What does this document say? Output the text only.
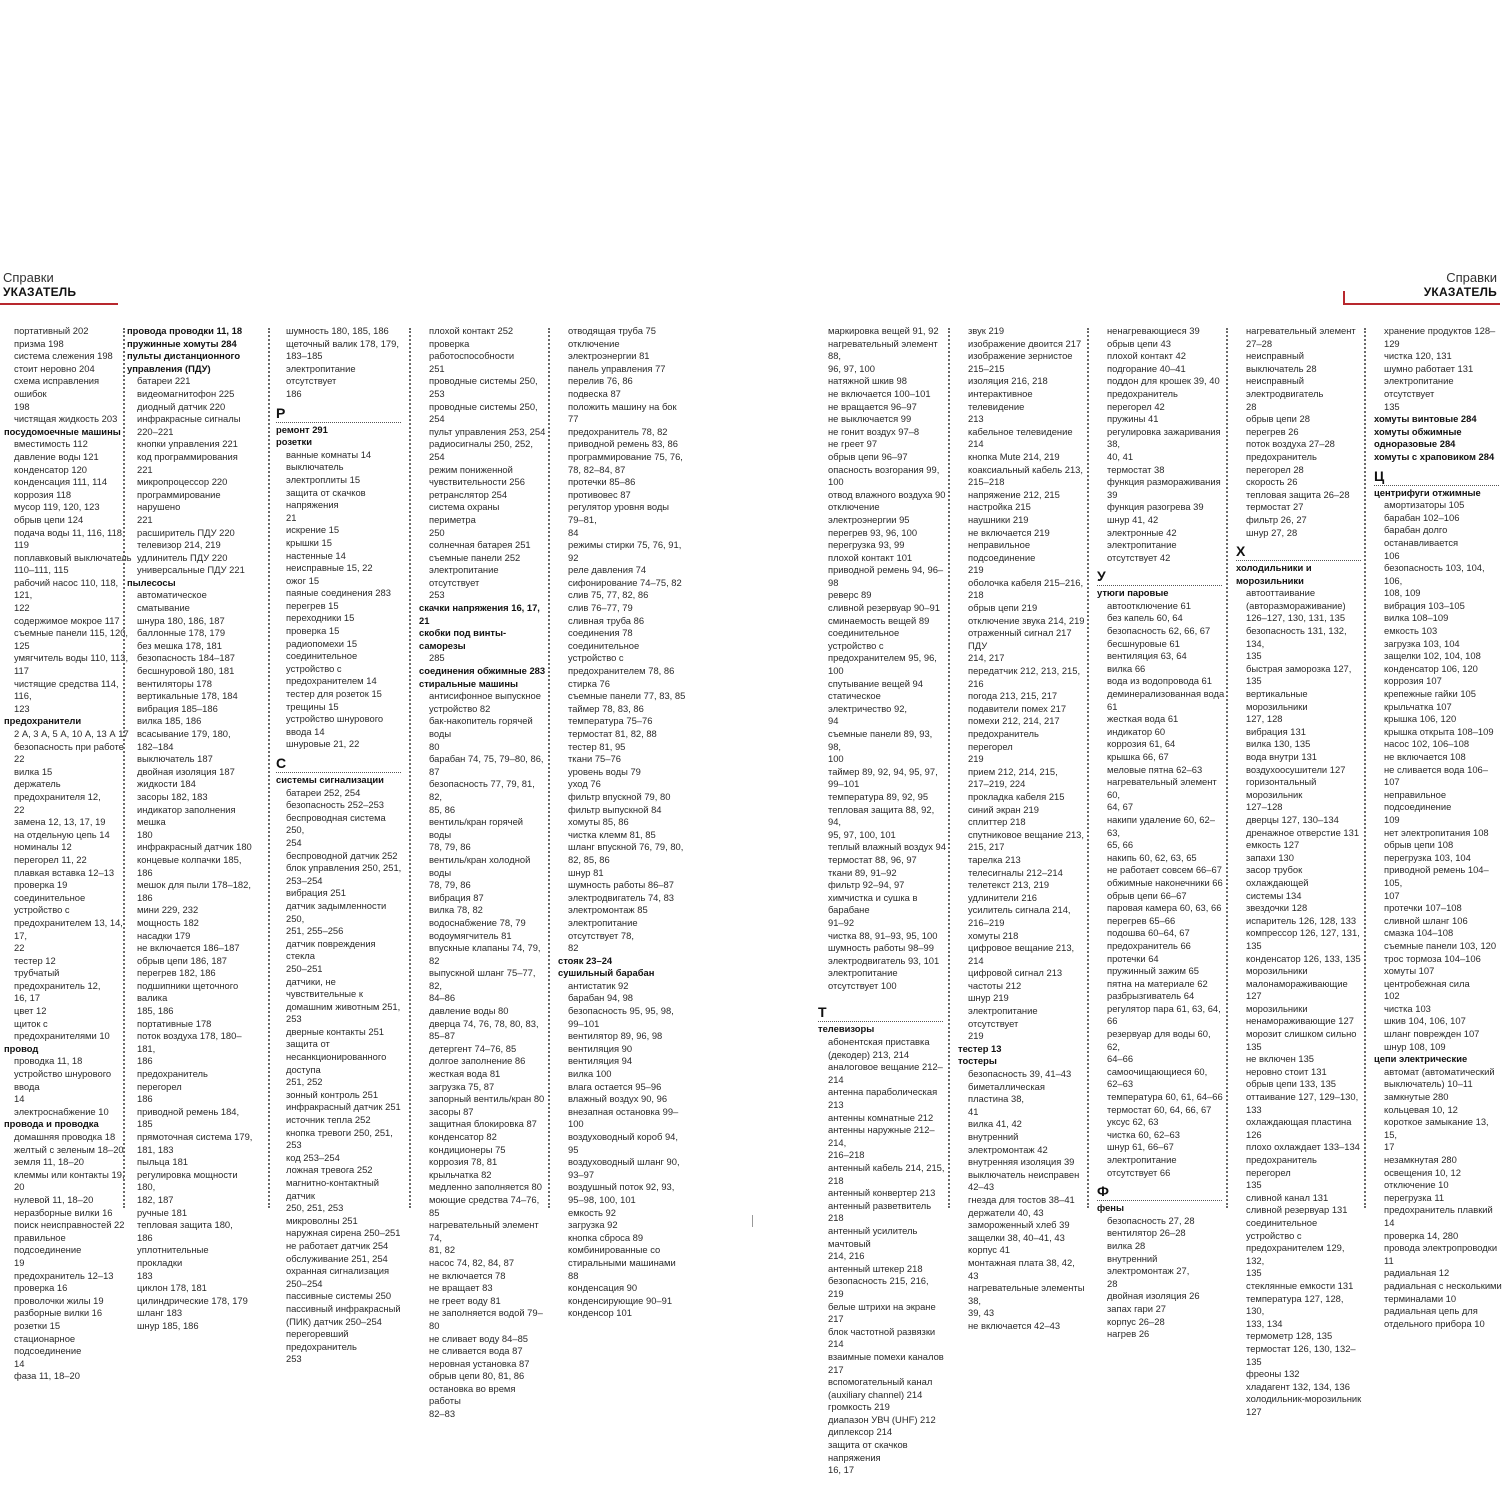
Справки
УКАЗАТЕЛЬ
Справки
УКАЗАТЕЛЬ

портативный 202

призма 198

система слежения 198

стоит неровно 204

схема исправления ошибок

198

чистящая жидкость 203

посудомоечные машины

вместимость 112

давление воды 121

конденсатор 120

конденсация 111, 114

коррозия 118

мусор 119, 120, 123

обрыв цепи 124

подача воды 11, 116, 118,

119

поплавковый выключатель

110–111, 115

рабочий насос 110, 118, 121,

122

содержимое мокрое 117

съемные панели 115, 120,

125

умягчитель воды 110, 113, 117

чистящие средства 114, 116,

123

предохранители

2 А, 3 А, 5 А, 10 А, 13 А 17

безопасность при работе 22

вилка 15

держатель предохранителя 12,

22

замена 12, 13, 17, 19

на отдельную цепь 14

номиналы 12

перегорел 11, 22

плавкая вставка 12–13

проверка 19

соединительное устройство с

предохранителем 13, 14, 17,

22

тестер 12

трубчатый предохранитель 12,

16, 17

цвет 12

щиток с предохранителями 10

провод

проводка 11, 18

устройство шнурового ввода

14

электроснабжение 10

провода и проводка

домашняя проводка 18

желтый с зеленым 18–20

земля 11, 18–20

клеммы или контакты 19, 20

нулевой 11, 18–20

неразборные вилки 16

поиск неисправностей 22

правильное подсоединение

19

предохранитель 12–13

проверка 16

проволочки жилы 19

разборные вилки 16

розетки 15

стационарное подсоединение

14

фаза 11, 18–20

провода проводки 11, 18

пружинные хомуты 284

пульты дистанционного

управления (ПДУ)

батареи 221

видеомагнитофон 225

диодный датчик 220

инфракрасные сигналы

220–221

кнопки управления 221

код программирования 221

микропроцессор 220

программирование нарушено

221

расширитель ПДУ 220

телевизор 214, 219

удлинитель ПДУ 220

универсальные ПДУ 221

пылесосы

автоматическое сматывание

шнура 180, 186, 187

баллонные 178, 179

без мешка 178, 181

безопасность 184–187

бесшнуровой 180, 181

вентиляторы 178

вертикальные 178, 184

вибрация 185–186

вилка 185, 186

всасывание 179, 180,

182–184

выключатель 187

двойная изоляция 187

жидкости 184

засоры 182, 183

индикатор заполнения мешка

180

инфракрасный датчик 180

концевые колпачки 185, 186

мешок для пыли 178–182,

186

мини 229, 232

мощность 182

насадки 179

не включается 186–187

обрыв цепи 186, 187

перегрев 182, 186

подшипники щеточного валика

185, 186

портативные 178

поток воздуха 178, 180–181,

186

предохранитель перегорел

186

приводной ремень 184, 185

прямоточная система 179,

181, 183

пыльца 181

регулировка мощности 180,

182, 187

ручные 181

тепловая защита 180,

186

уплотнительные прокладки

183

циклон 178, 181

цилиндрические 178, 179

шланг 183

шнур 185, 186

шумность 180, 185, 186

щеточный валик 178, 179,

183–185

электропитание отсутствует

186

Р

ремонт 291

розетки

ванные комнаты 14

выключатель электроплиты 15

защита от скачков напряжения

21

искрение 15

крышки 15

настенные 14

неисправные 15, 22

ожог 15

паяные соединения 283

перегрев 15

переходники 15

проверка 15

радиопомехи 15

соединительное устройство с

предохранителем 14

тестер для розеток 15

трещины 15

устройство шнурового ввода 14

шнуровые 21, 22

С

системы сигнализации

батареи 252, 254

безопасность 252–253

беспроводная система 250,

254

беспроводной датчик 252

блок управления 250, 251,

253–254

вибрация 251

датчик задымленности 250,

251, 255–256

датчик повреждения стекла

250–251

датчики, не чувствительные к

домашним животным 251,

253

дверные контакты 251

защита от

несанкционированного доступа

251, 252

зонный контроль 251

инфракрасный датчик 251

источник тепла 252

кнопка тревоги 250, 251, 253

код 253–254

ложная тревога 252

магнитно-контактный датчик

250, 251, 253

микроволны 251

наружная сирена 250–251

не работает датчик 254

обслуживание 251, 254

охранная сигнализация

250–254

пассивные системы 250

пассивный инфракрасный

(ПИК) датчик 250–254

перегоревший предохранитель

253

плохой контакт 252

проверка работоспособности

251

проводные системы 250, 253

проводные системы 250, 254

пульт управления 253, 254

радиосигналы 250, 252, 254

режим пониженной

чувствительности 256

ретранслятор 254

система охраны периметра

250

солнечная батарея 251

съемные панели 252

электропитание отсутствует

253

скачки напряжения 16, 17, 21

скобки под винты-саморезы

285

соединения обжимные 283

стиральные машины

антисифонное выпускное

устройство 82

бак-накопитель горячей воды

80

барабан 74, 75, 79–80, 86,

87

безопасность 77, 79, 81, 82,

85, 86

вентиль/кран горячей воды

78, 79, 86

вентиль/кран холодной воды

78, 79, 86

вибрация 87

вилка 78, 82

водоснабжение 78, 79

водоумягчитель 81

впускные клапаны 74, 79, 82

выпускной шланг 75–77, 82,

84–86

давление воды 80

дверца 74, 76, 78, 80, 83,

85–87

детергент 74–76, 85

долгое заполнение 86

жесткая вода 81

загрузка 75, 87

запорный вентиль/кран 80

засоры 87

защитная блокировка 87

конденсатор 82

кондиционеры 75

коррозия 78, 81

крыльчатка 82

медленно заполняется 80

моющие средства 74–76, 85

нагревательный элемент 74,

81, 82

насос 74, 82, 84, 87

не включается 78

не вращает 83

не греет воду 81

не заполняется водой 79–80

не сливает воду 84–85

не сливается вода 87

неровная установка 87

обрыв цепи 80, 81, 86

остановка во время работы

82–83

отводящая труба 75

отключение электроэнергии 81

панель управления 77

перелив 76, 86

подвеска 87

положить машину на бок 77

предохранитель 78, 82

приводной ремень 83, 86

программирование 75, 76,

78, 82–84, 87

протечки 85–86

противовес 87

регулятор уровня воды 79–81,

84

режимы стирки 75, 76, 91, 92

реле давления 74

сифонирование 74–75, 82

слив 75, 77, 82, 86

слив 76–77, 79

сливная труба 86

соединения 78

соединительное устройство с

предохранителем 78, 86

стирка 76

съемные панели 77, 83, 85

таймер 78, 83, 86

температура 75–76

термостат 81, 82, 88

тестер 81, 95

ткани 75–76

уровень воды 79

уход 76

фильтр впускной 79, 80

фильтр выпускной 84

хомуты 85, 86

чистка клемм 81, 85

шланг впускной 76, 79, 80,

82, 85, 86

шнур 81

шумность работы 86–87

электродвигатель 74, 83

электромонтаж 85

электропитание отсутствует 78,

82

стояк 23–24

сушильный барабан

антистатик 92

барабан 94, 98

безопасность 95, 95, 98,

99–101

вентилятор 89, 96, 98

вентиляция 90

вентиляция 94

вилка 100

влага остается 95–96

влажный воздух 90, 96

внезапная остановка 99–100

воздуховодный короб 94, 95

воздуховодный шланг 90,

93–97

воздушный поток 92, 93,

95–98, 100, 101

емкость 92

загрузка 92

кнопка сброса 89

комбинированные со

стиральными машинами 88

конденсация 90

конденсирующие 90–91

конденсор 101

маркировка вещей 91, 92

нагревательный элемент 88,

96, 97, 100

натяжной шкив 98

не включается 100–101

не вращается 96–97

не выключается 99

не гонит воздух 97–8

не греет 97

обрыв цепи 96–97

опасность возгорания 99, 100

отвод влажного воздуха 90

отключение электроэнергии 95

перегрев 93, 96, 100

перегрузка 93, 99

плохой контакт 101

приводной ремень 94, 96–98

реверс 89

сливной резервуар 90–91

сминаемость вещей 89

соединительное устройство с

предохранителем 95, 96, 100

спутывание вещей 94

статическое электричество 92,

94

съемные панели 89, 93, 98,

100

таймер 89, 92, 94, 95, 97,

99–101

температура 89, 92, 95

тепловая защита 88, 92, 94,

95, 97, 100, 101

теплый влажный воздух 94

термостат 88, 96, 97

ткани 89, 91–92

фильтр 92–94, 97

химчистка и сушка в барабане

91–92

чистка 88, 91–93, 95, 100

шумность работы 98–99

электродвигатель 93, 101

электропитание отсутствует 100

Т

телевизоры

абонентская приставка

(декодер) 213, 214

аналоговое вещание 212–214

антенна параболическая 213

антенны комнатные 212

антенны наружные 212–214,

216–218

антенный кабель 214, 215,

218

антенный конвертер 213

антенный разветвитель 218

антенный усилитель мачтовый

214, 216

антенный штекер 218

безопасность 215, 216, 219

белые штрихи на экране 217

блок частотной развязки 214

взаимные помехи каналов 217

вспомогательный канал

(auxiliary channel) 214

громкость 219

диапазон УВЧ (UHF) 212

диплексор 214

защита от скачков напряжения

16, 17

звук 219

изображение двоится 217

изображение зернистое

215–215

изоляция 216, 218

интерактивное телевидение

213

кабельное телевидение 214

кнопка Mute 214, 219

коаксиальный кабель 213,

215–218

напряжение 212, 215

настройка 215

наушники 219

не включается 219

неправильное подсоединение

219

оболочка кабеля 215–216,

218

обрыв цепи 219

отключение звука 214, 219

отраженный сигнал 217 ПДУ

214, 217

передатчик 212, 213, 215,

216

погода 213, 215, 217

подавители помех 217

помехи 212, 214, 217

предохранитель перегорел

219

прием 212, 214, 215,

217–219, 224

прокладка кабеля 215

синий экран 219

сплиттер 218

спутниковое вещание 213,

215, 217

тарелка 213

телесигналы 212–214

телетекст 213, 219

удлинители 216

усилитель сигнала 214,

216–219

хомуты 218

цифровое вещание 213,

214

цифровой сигнал 213

частоты 212

шнур 219

электропитание отсутствует

219

тестер 13

тостеры

безопасность 39, 41–43

биметаллическая пластина 38,

41

вилка 41, 42

внутренний электромонтаж 42

внутренняя изоляция 39

выключатель неисправен

42–43

гнезда для тостов 38–41

держатели 40, 43

замороженный хлеб 39

защелки 38, 40–41, 43

корпус 41

монтажная плата 38, 42, 43

нагревательные элементы 38,

39, 43

не включается 42–43

ненагревающиеся 39

обрыв цепи 43

плохой контакт 42

подгорание 40–41

поддон для крошек 39, 40

предохранитель перегорел 42

пружины 41

регулировка зажаривания 38,

40, 41

термостат 38

функция размораживания 39

функция разогрева 39

шнур 41, 42

электронные 42

электропитание отсутствует 42

У

утюги паровые

автоотключение 61

без капель 60, 64

безопасность 62, 66, 67

бесшнуровые 61

вентиляция 63, 64

вилка 66

вода из водопровода 61

деминерализованная вода 61

жесткая вода 61

индикатор 60

коррозия 61, 64

крышка 66, 67

меловые пятна 62–63

нагревательный элемент 60,

64, 67

накипи удаление 60, 62–63,

65, 66

накипь 60, 62, 63, 65

не работает совсем 66–67

обжимные наконечники 66

обрыв цепи 66–67

паровая камера 60, 63, 66

перегрев 65–66

подошва 60–64, 67

предохранитель 66

протечки 64

пружинный зажим 65

пятна на материале 62

разбрызгиватель 64

регулятор пара 61, 63, 64,

66

резервуар для воды 60, 62,

64–66

самоочищающиеся 60, 62–63

температура 60, 61, 64–66

термостат 60, 64, 66, 67

уксус 62, 63

чистка 60, 62–63

шнур 61, 66–67

электропитание отсутствует 66

Ф

фены

безопасность 27, 28

вентилятор 26–28

вилка 28

внутренний электромонтаж 27,

28

двойная изоляция 26

запах гари 27

корпус 26–28

нагрев 26

нагревательный элемент

27–28

неисправный выключатель 28

неисправный электродвигатель

28

обрыв цепи 28

перегрев 26

поток воздуха 27–28

предохранитель перегорел 28

скорость 26

тепловая защита 26–28

термостат 27

фильтр 26, 27

шнур 27, 28

Х

холодильники и морозильники

автооттаивание

(авторазмораживание)

126–127, 130, 131, 135

безопасность 131, 132, 134,

135

быстрая заморозка 127, 135

вертикальные морозильники

127, 128

вибрация 131

вилка 130, 135

вода внутри 131

воздухоосушители 127

горизонтальный морозильник

127–128

дверцы 127, 130–134

дренажное отверстие 131

емкость 127

запахи 130

засор трубок охлаждающей

системы 134

звездочки 128

испаритель 126, 128, 133

компрессор 126, 127, 131,

135

конденсатор 126, 133, 135

морозильники

малонамораживающие 127

морозильники

ненамораживающие 127

морозит слишком сильно 135

не включен 135

неровно стоит 131

обрыв цепи 133, 135

оттаивание 127, 129–130,

133

охлаждающая пластина 126

плохо охлаждает 133–134

предохранитель перегорел

135

сливной канал 131

сливной резервуар 131

соединительное устройство с

предохранителем 129, 132,

135

стеклянные емкости 131

температура 127, 128, 130,

133, 134

термометр 128, 135

термостат 126, 130, 132–135

фреоны 132

хладагент 132, 134, 136

холодильник-морозильник

127

хранение продуктов 128–129

чистка 120, 131

шумно работает 131

электропитание отсутствует

135

хомуты винтовые 284

хомуты обжимные

одноразовые 284

хомуты с храповиком 284

Ц

центрифуги отжимные

амортизаторы 105

барабан 102–106

барабан долго останавливается

106

безопасность 103, 104, 106,

108, 109

вибрация 103–105

вилка 108–109

емкость 103

загрузка 103, 104

защелки 102, 104, 108

конденсатор 106, 120

коррозия 107

крепежные гайки 105

крыльчатка 107

крышка 106, 120

крышка открыта 108–109

насос 102, 106–108

не включается 108

не сливается вода 106–107

неправильное подсоединение

109

нет электропитания 108

обрыв цепи 108

перегрузка 103, 104

приводной ремень 104–105,

107

протечки 107–108

сливной шланг 106

смазка 104–108

съемные панели 103, 120

трос тормоза 104–106

хомуты 107

центробежная сила

102

чистка 103

шкив 104, 106, 107

шланг поврежден 107

шнур 108, 109

цепи электрические

автомат (автоматический

выключатель) 10–11

замкнутые 280

кольцевая 10, 12

короткое замыкание 13, 15,

17

незамкнутая 280

освещения 10, 12

отключение 10

перегрузка 11

предохранитель плавкий 14

проверка 14, 280

провода электропроводки 11

радиальная 12

радиальная с несколькими

терминалами 10

радиальная цепь для

отдельного прибора 10
